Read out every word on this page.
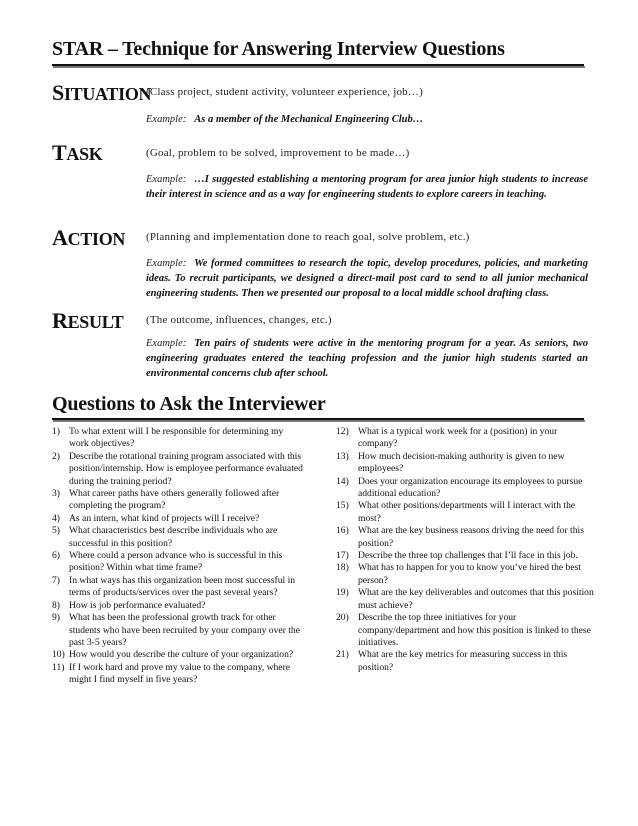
STAR – Technique for Answering Interview Questions
SITUATION
(Class project, student activity, volunteer experience, job…)
Example: As a member of the Mechanical Engineering Club…
TASK	(Goal, problem to be solved, improvement to be made…)
Example: …I suggested establishing a mentoring program for area junior high students to increase their interest in science and as a way for engineering students to explore careers in teaching.
ACTION (Planning and implementation done to reach goal, solve problem, etc.)
Example: We formed committees to research the topic, develop procedures, policies, and marketing ideas. To recruit participants, we designed a direct-mail post card to send to all junior mechanical engineering students. Then we presented our proposal to a local middle school drafting class.
RESULT (The outcome, influences, changes, etc.)
Example: Ten pairs of students were active in the mentoring program for a year. As seniors, two engineering graduates entered the teaching profession and the junior high students started an environmental concerns club after school.
Questions to Ask the Interviewer
1) To what extent will I be responsible for determining my work objectives?
2) Describe the rotational training program associated with this position/internship. How is employee performance evaluated during the training period?
3) What career paths have others generally followed after completing the program?
4) As an intern, what kind of projects will I receive?
5) What characteristics best describe individuals who are successful in this position?
6) Where could a person advance who is successful in this position? Within what time frame?
7) In what ways has this organization been most successful in terms of products/services over the past several years?
8) How is job performance evaluated?
9) What has been the professional growth track for other students who have been recruited by your company over the past 3-5 years?
10) How would you describe the culture of your organization?
11) If I work hard and prove my value to the company, where might I find myself in five years?
12) What is a typical work week for a (position) in your company?
13) How much decision-making authority is given to new employees?
14) Does your organization encourage its employees to pursue additional education?
15) What other positions/departments will I interact with the most?
16) What are the key business reasons driving the need for this position?
17) Describe the three top challenges that I’ll face in this job.
18) What has to happen for you to know you’ve hired the best person?
19) What are the key deliverables and outcomes that this position must achieve?
20) Describe the top three initiatives for your company/department and how this position is linked to these initiatives.
21) What are the key metrics for measuring success in this position?
